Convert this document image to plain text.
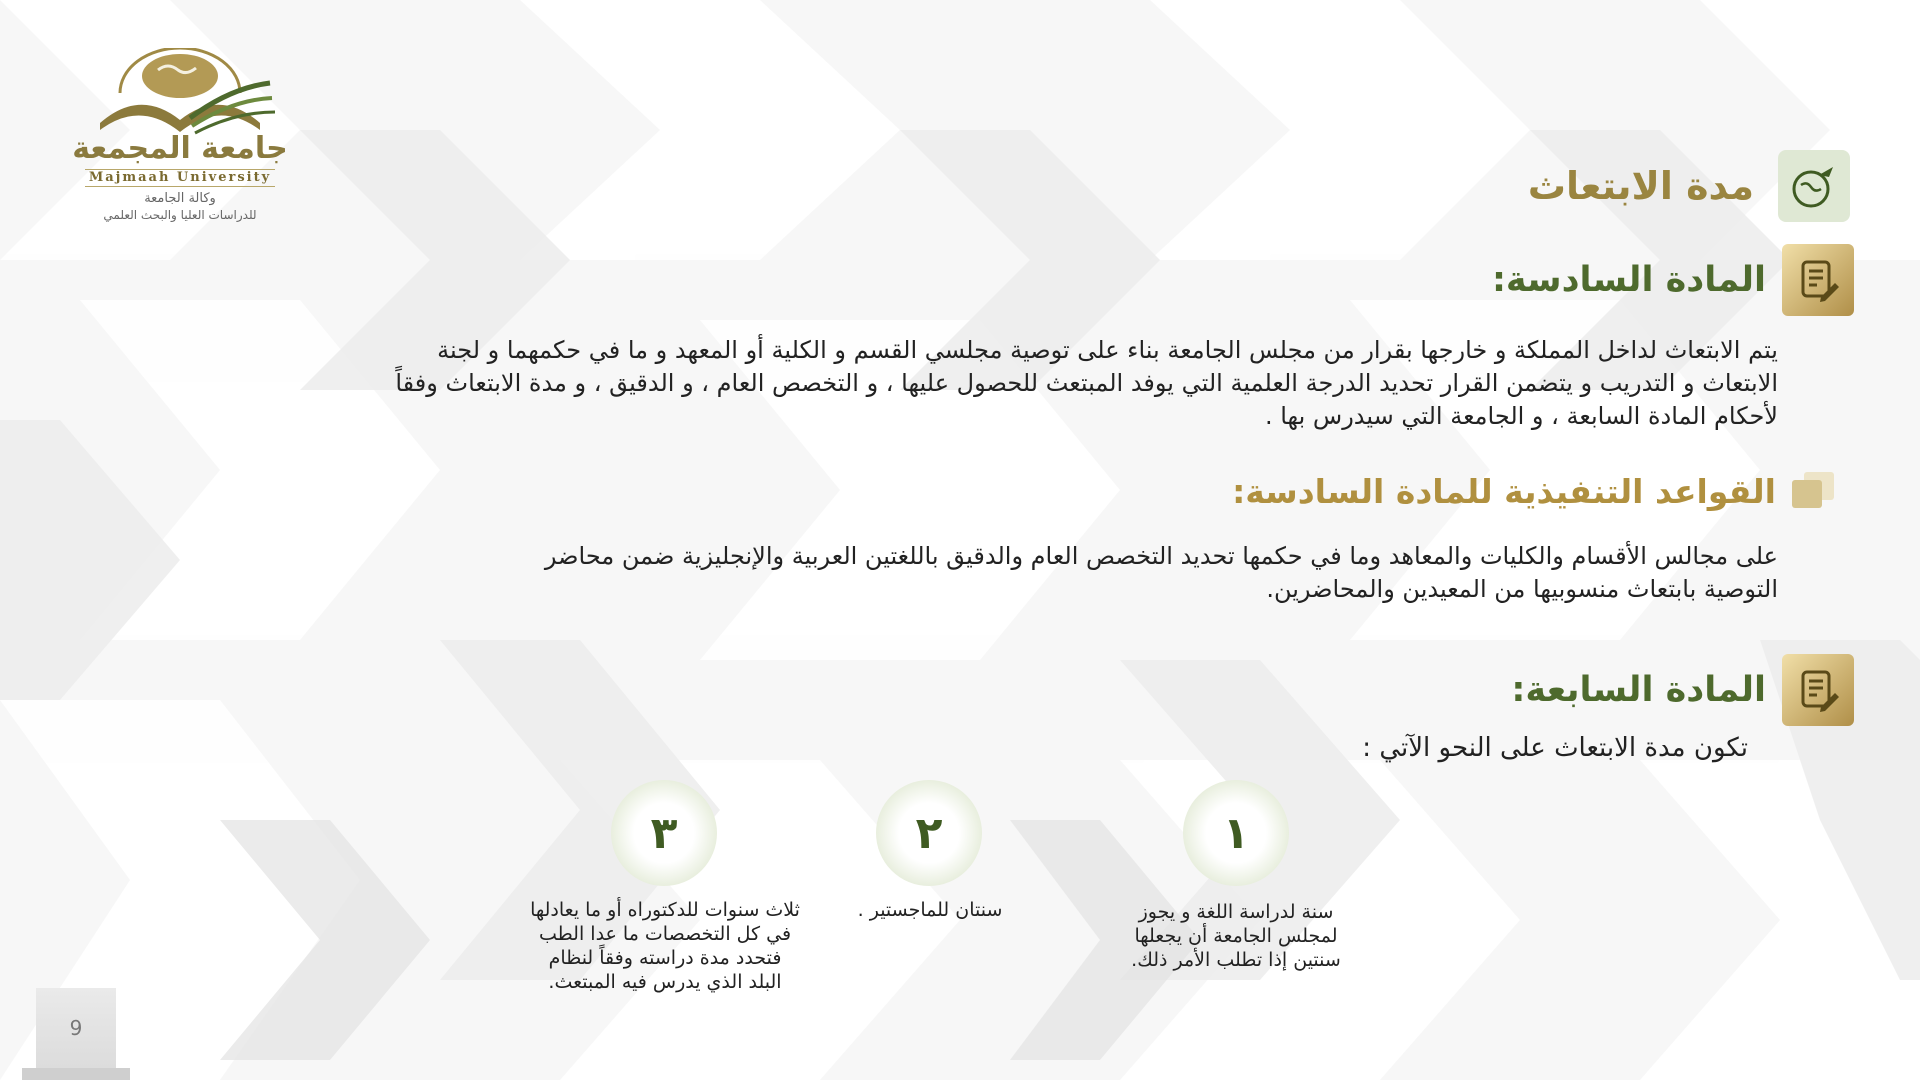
جامعة المجمعة
Majmaah University
وكالة الجامعة
للدراسات العليا والبحث العلمي
مدة الابتعاث
المادة السادسة:
يتم الابتعاث لداخل المملكة و خارجها بقرار من مجلس الجامعة بناء على توصية مجلسي القسم و الكلية أو المعهد و ما في حكمهما و لجنة
الابتعاث و التدريب و يتضمن القرار تحديد الدرجة العلمية التي يوفد المبتعث للحصول عليها ، و التخصص العام ، و الدقيق ، و مدة الابتعاث وفقاً
لأحكام المادة السابعة ، و الجامعة التي سيدرس بها .
القواعد التنفيذية للمادة السادسة:
على مجالس الأقسام والكليات والمعاهد وما في حكمها تحديد التخصص العام والدقيق باللغتين العربية والإنجليزية ضمن محاضر
التوصية بابتعاث منسوبيها من المعيدين والمحاضرين.
المادة السابعة:
تكون مدة الابتعاث على النحو الآتي :
١
سنة لدراسة اللغة و يجوز
لمجلس الجامعة أن يجعلها
سنتين إذا تطلب الأمر ذلك.
٢
سنتان للماجستير .
٣
ثلاث سنوات للدكتوراه أو ما يعادلها
في كل التخصصات ما عدا الطب
فتحدد مدة دراسته وفقاً لنظام
البلد الذي يدرس فيه المبتعث.
9
